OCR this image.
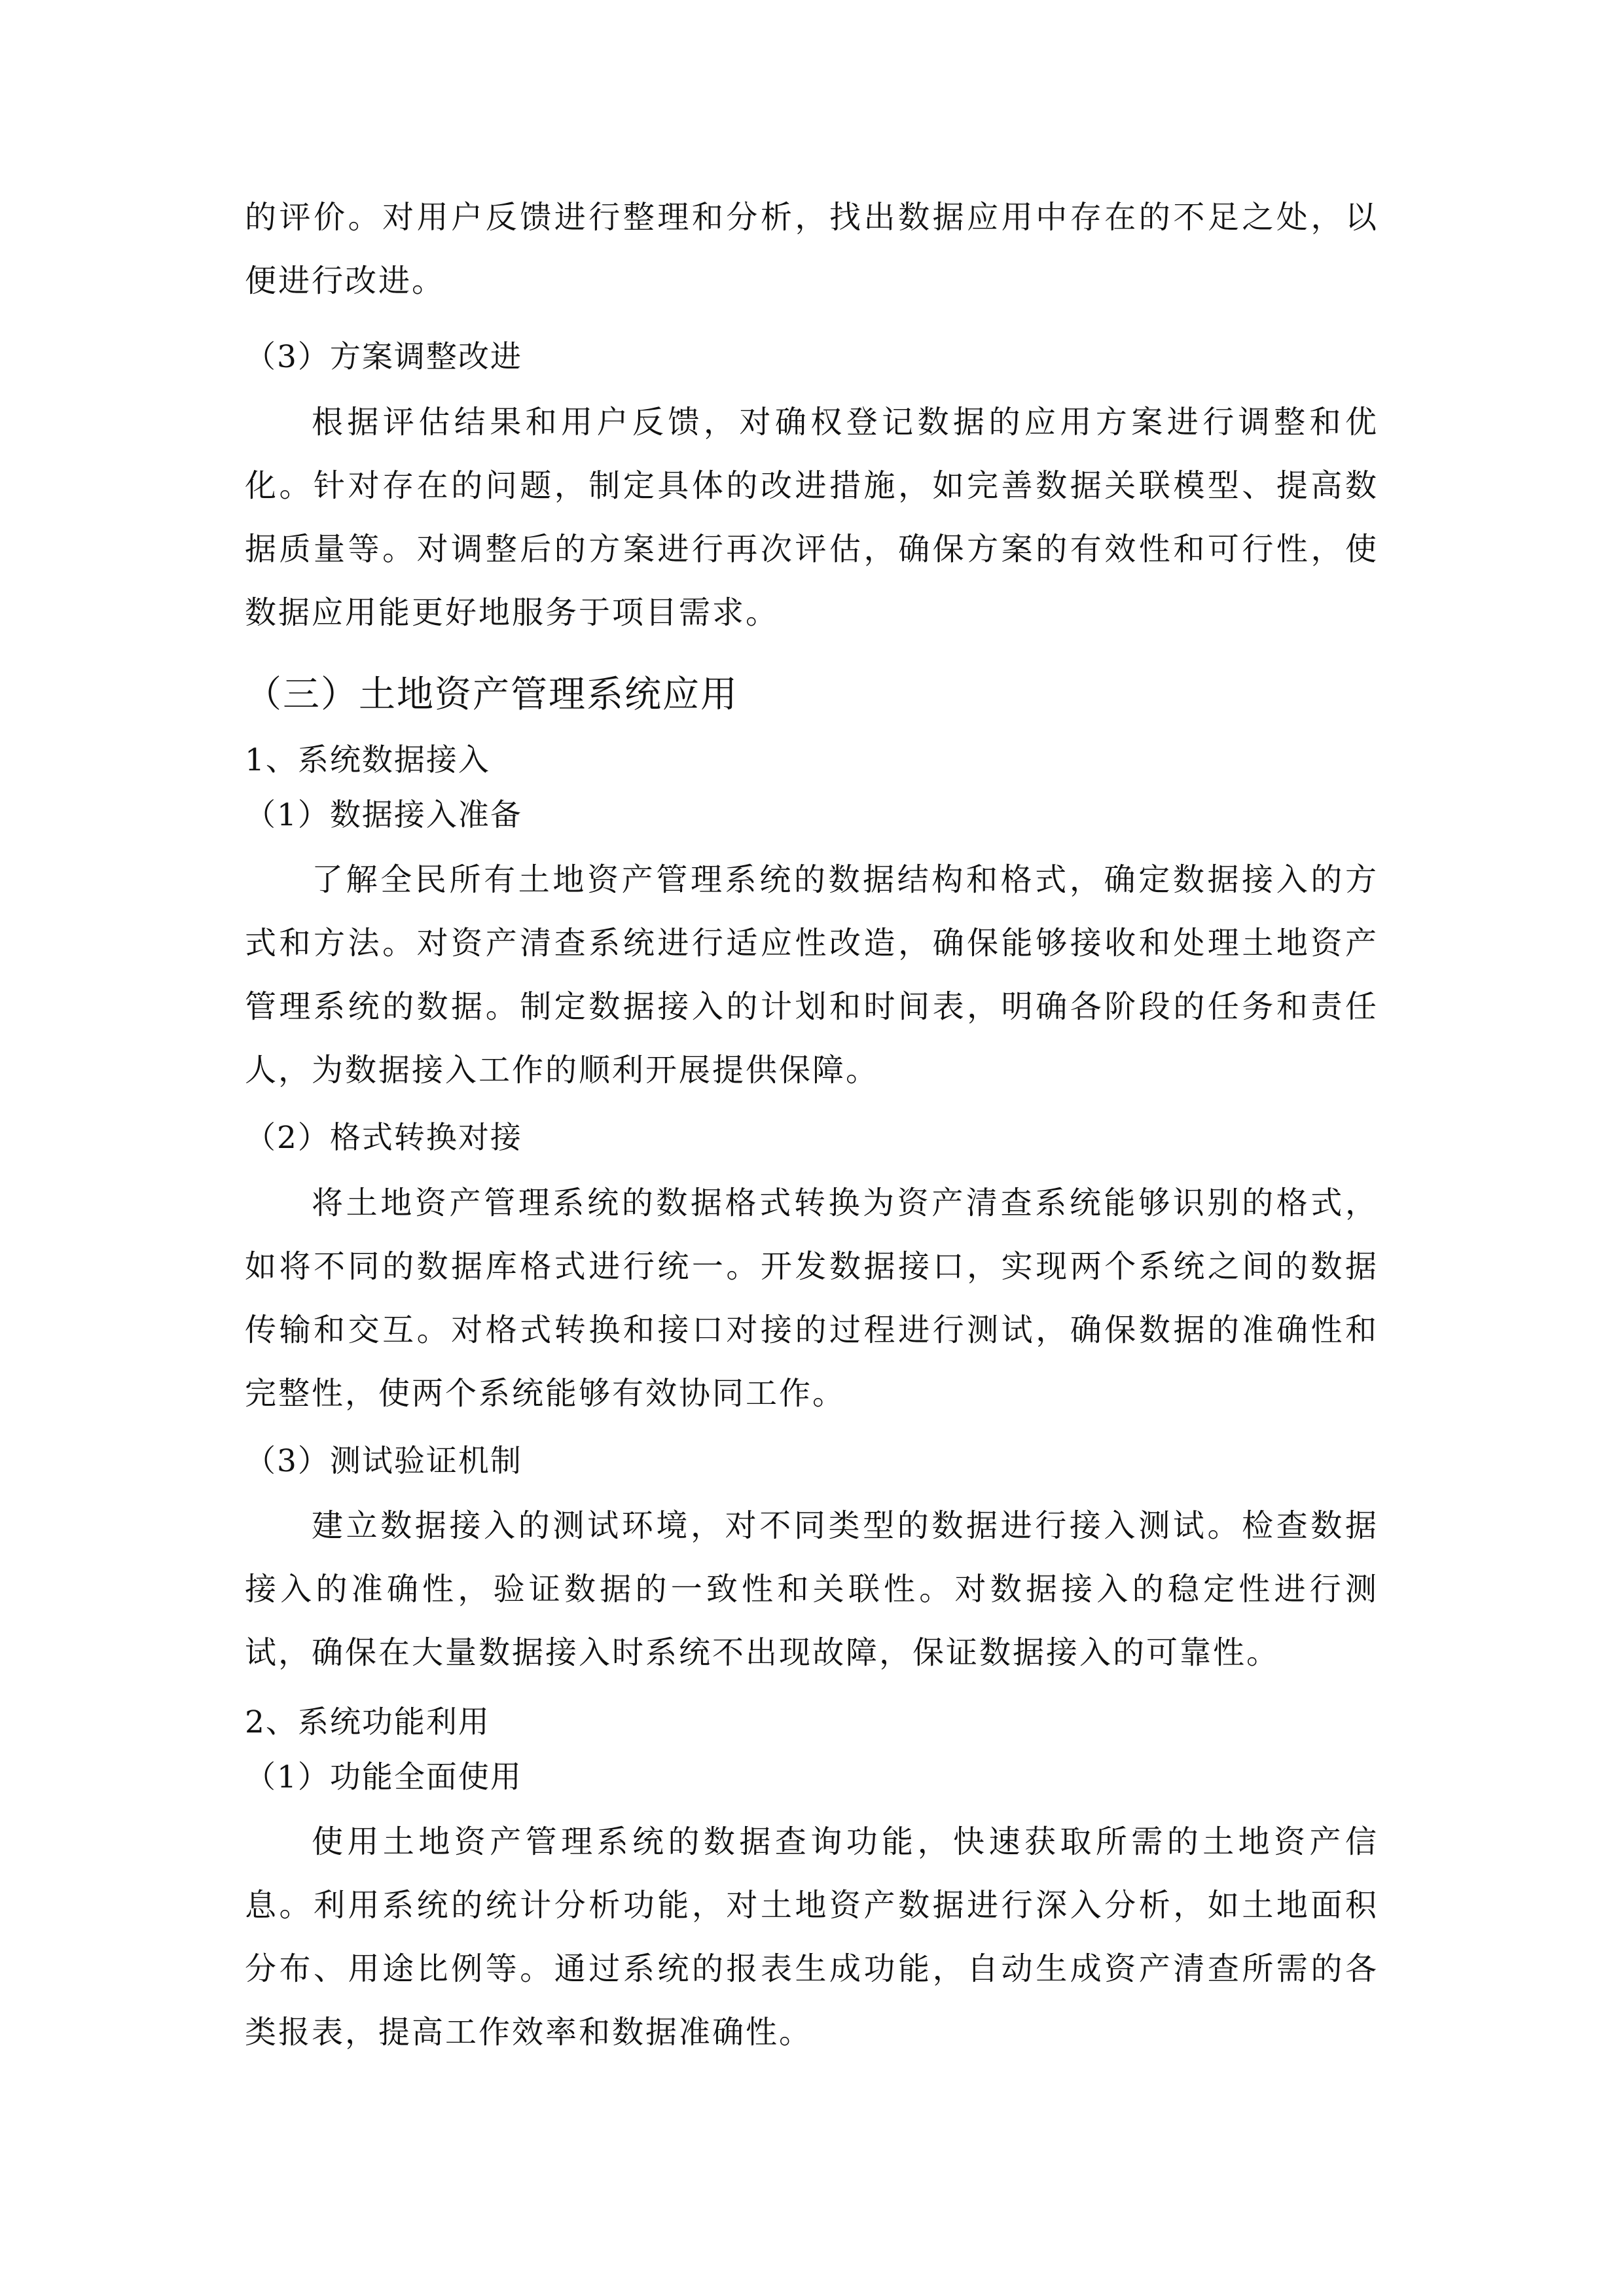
的评价。对用户反馈进行整理和分析，找出数据应用中存在的不足之处，以便进行改进。

（3）方案调整改进

根据评估结果和用户反馈，对确权登记数据的应用方案进行调整和优化。针对存在的问题，制定具体的改进措施，如完善数据关联模型、提高数据质量等。对调整后的方案进行再次评估，确保方案的有效性和可行性，使数据应用能更好地服务于项目需求。

（三）土地资产管理系统应用
1、系统数据接入
（1）数据接入准备

了解全民所有土地资产管理系统的数据结构和格式，确定数据接入的方式和方法。对资产清查系统进行适应性改造，确保能够接收和处理土地资产管理系统的数据。制定数据接入的计划和时间表，明确各阶段的任务和责任人，为数据接入工作的顺利开展提供保障。

（2）格式转换对接

将土地资产管理系统的数据格式转换为资产清查系统能够识别的格式，如将不同的数据库格式进行统一。开发数据接口，实现两个系统之间的数据传输和交互。对格式转换和接口对接的过程进行测试，确保数据的准确性和完整性，使两个系统能够有效协同工作。

（3）测试验证机制

建立数据接入的测试环境，对不同类型的数据进行接入测试。检查数据接入的准确性，验证数据的一致性和关联性。对数据接入的稳定性进行测试，确保在大量数据接入时系统不出现故障，保证数据接入的可靠性。

2、系统功能利用
（1）功能全面使用

使用土地资产管理系统的数据查询功能，快速获取所需的土地资产信息。利用系统的统计分析功能，对土地资产数据进行深入分析，如土地面积分布、用途比例等。通过系统的报表生成功能，自动生成资产清查所需的各类报表，提高工作效率和数据准确性。
